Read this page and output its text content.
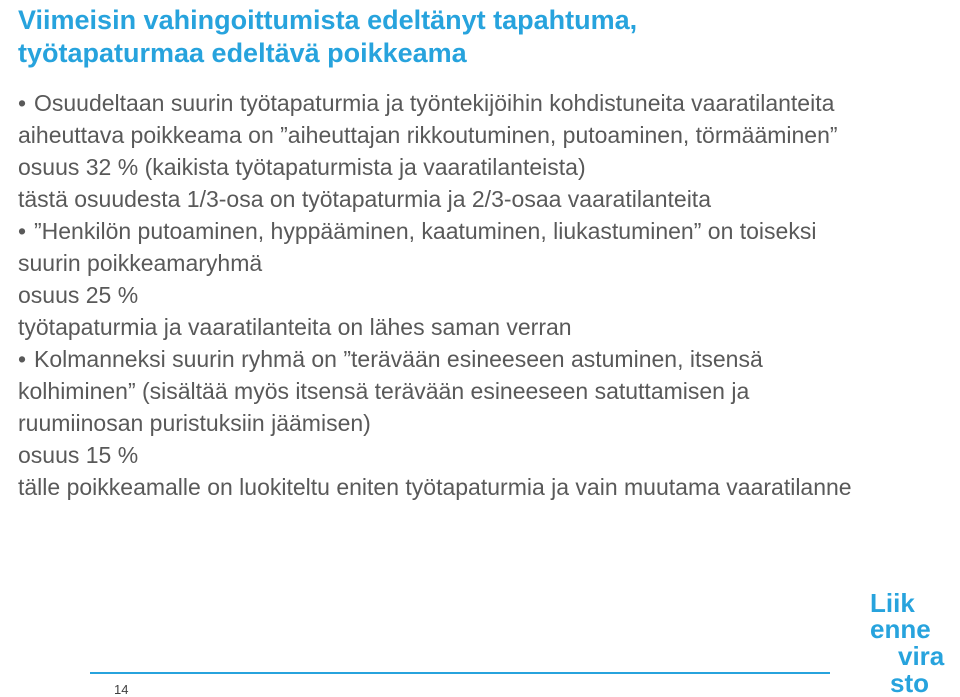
Viimeisin vahingoittumista edeltänyt tapahtuma,
työtapaturmaa edeltävä poikkeama
• Osuudeltaan suurin työtapaturmia ja työntekijöihin kohdistuneita vaaratilanteita aiheuttava poikkeama on ”aiheuttajan rikkoutuminen, putoaminen, törmääminen”
osuus 32 % (kaikista työtapaturmista ja vaaratilanteista)
tästä osuudesta 1/3-osa on työtapaturmia ja 2/3-osaa vaaratilanteita
• ”Henkilön putoaminen, hyppääminen, kaatuminen, liukastuminen” on toiseksi suurin poikkeamaryhmä
osuus 25 %
työtapaturmia ja vaaratilanteita on lähes saman verran
• Kolmanneksi suurin ryhmä on ”terävään esineeseen astuminen, itsensä kolhiminen” (sisältää myös itsensä terävään esineeseen satuttamisen ja ruumiinosan puristuksiin jäämisen)
osuus 15 %
tälle poikkeamalle on luokiteltu eniten työtapaturmia ja vain muutama vaaratilanne
14
Liik
enne
vira
sto
